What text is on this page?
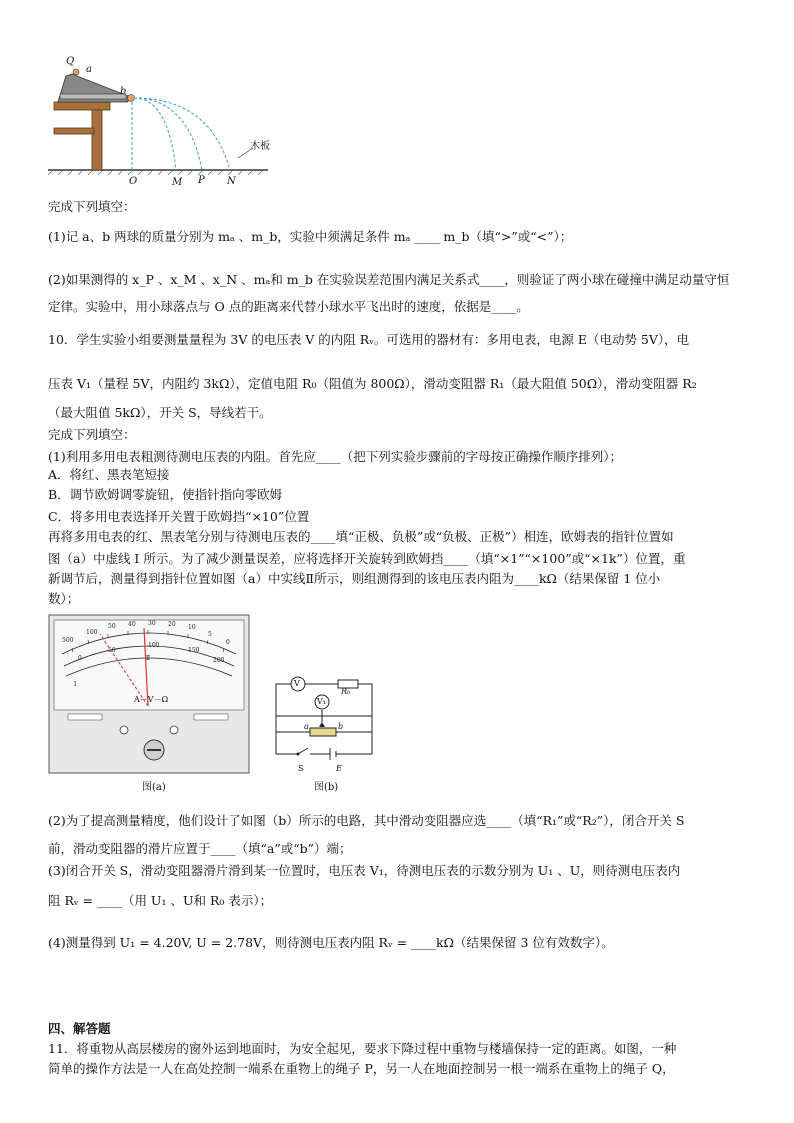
Q
a
b
O	M P N
木板
完成下列填空：
(1)记 a、b 两球的质量分别为 mₐ 、m_b，实验中须满足条件 mₐ ____ m_b（填“>”或“<”）；
(2)如果测得的 x_P 、x_M 、x_N 、mₐ和 m_b 在实验误差范围内满足关系式____，则验证了两小球在碰撞中满足动量守恒
定律。实验中，用小球落点与 O 点的距离来代替小球水平飞出时的速度，依据是____。
10．学生实验小组要测量量程为 3V 的电压表 V 的内阻 Rᵥ。可选用的器材有：多用电表，电源 E（电动势 5V），电
压表 V₁（量程 5V，内阻约 3kΩ），定值电阻 R₀（阻值为 800Ω），滑动变阻器 R₁（最大阻值 50Ω），滑动变阻器 R₂
（最大阻值 5kΩ），开关 S，导线若干。
完成下列填空：
(1)利用多用电表粗测待测电压表的内阻。首先应____（把下列实验步骤前的字母按正确操作顺序排列）；
A．将红、黑表笔短接
B．调节欧姆调零旋钮，使指针指向零欧姆
C．将多用电表选择开关置于欧姆挡“×10”位置
再将多用电表的红、黑表笔分别与待测电压表的____填“正极、负极”或“负极、正极”）相连，欧姆表的指针位置如
图（a）中虚线 I 所示。为了减少测量误差，应将选择开关旋转到欧姆挡____（填“×1”“×100”或“×1k”）位置，重
新调节后，测量得到指针位置如图（a）中实线Ⅱ所示，则组测得到的该电压表内阻为____kΩ（结果保留 1 位小
数）；
500
100
50 40 30 20 10
5
0
0
50
100
150
200
Ⅰ
Ⅱ
A－V－Ω
图(a)
V
V₁
R₀
a	b
S	E
图(b)
(2)为了提高测量精度，他们设计了如图（b）所示的电路，其中滑动变阻器应选____（填“R₁”或“R₂”），闭合开关 S
前，滑动变阻器的滑片应置于____（填“a”或“b”）端；
(3)闭合开关 S，滑动变阻器滑片滑到某一位置时，电压表 V₁，待测电压表的示数分别为 U₁ 、U，则待测电压表内
阻 Rᵥ = ____（用 U₁ 、U和 R₀ 表示）；
(4)测量得到 U₁ = 4.20V, U = 2.78V，则待测电压表内阻 Rᵥ = ____kΩ（结果保留 3 位有效数字）。
四、解答题
11．将重物从高层楼房的窗外运到地面时，为安全起见，要求下降过程中重物与楼墙保持一定的距离。如图，一种
简单的操作方法是一人在高处控制一端系在重物上的绳子 P，另一人在地面控制另一根一端系在重物上的绳子 Q，
